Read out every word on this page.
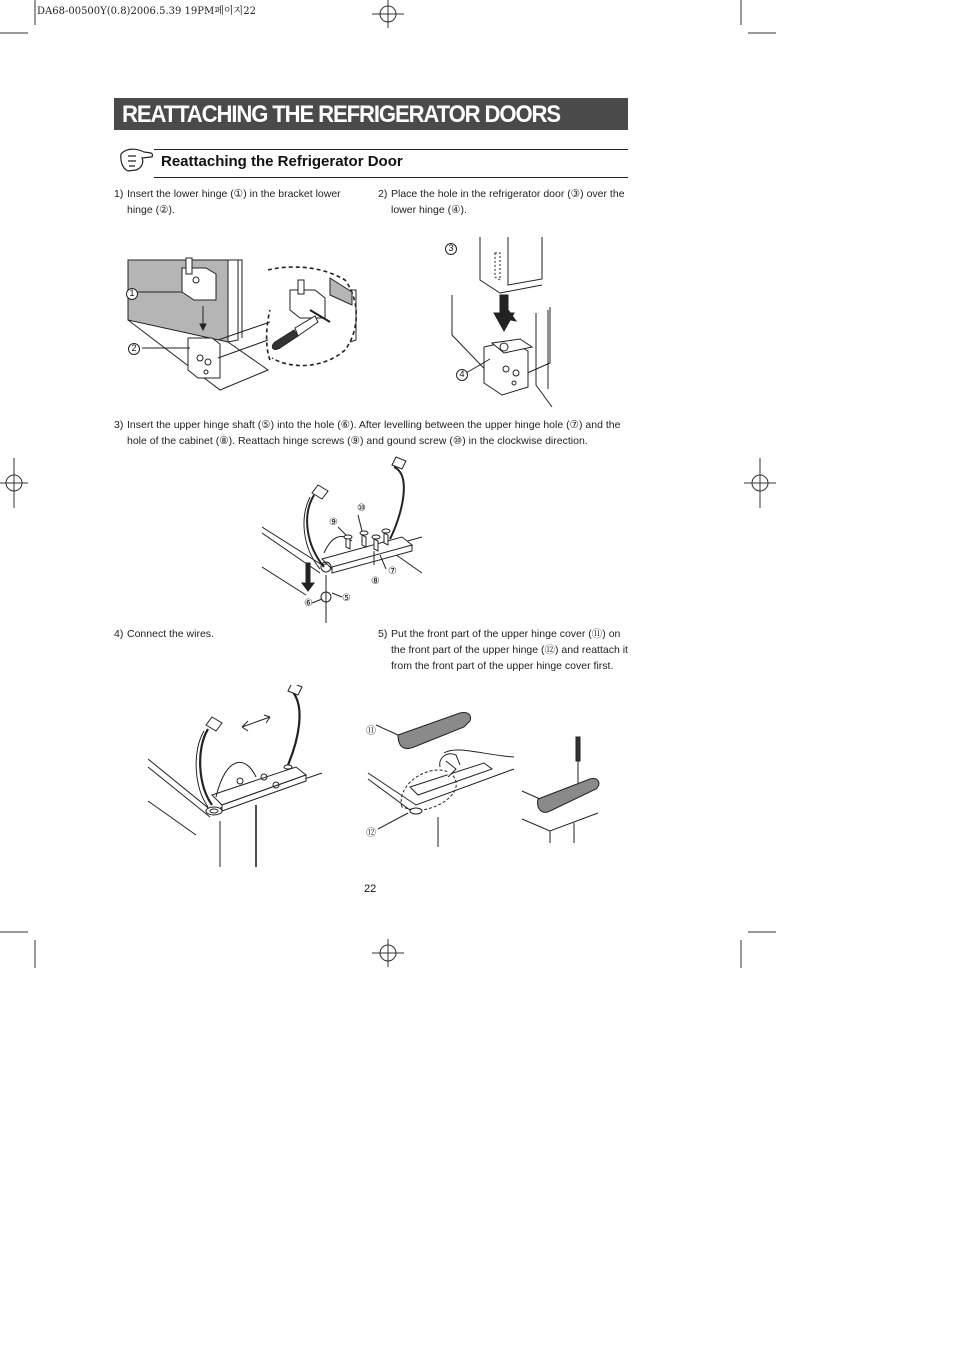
DA68-00500Y(0.8)2006.5.39 19PM페이지22
REATTACHING THE REFRIGERATOR DOORS
Reattaching the Refrigerator Door
1) Insert the lower hinge (①) in the bracket lower hinge (②).
2) Place the hole in the refrigerator door (③) over the lower hinge (④).
3) Insert the upper hinge shaft (⑤) into the hole (⑥). After levelling between the upper hinge hole (⑦) and the hole of the cabinet (⑧). Reattach hinge screws (⑨) and gound screw (⑩) in the clockwise direction.
4) Connect the wires.	5) Put the front part of the upper hinge cover (⑪) on the front part of the upper hinge (⑫) and reattach it from the front part of the upper hinge cover first.
1
2
3
4
⑤
⑥
⑦
⑧
⑨
⑩
⑪
⑫
22
